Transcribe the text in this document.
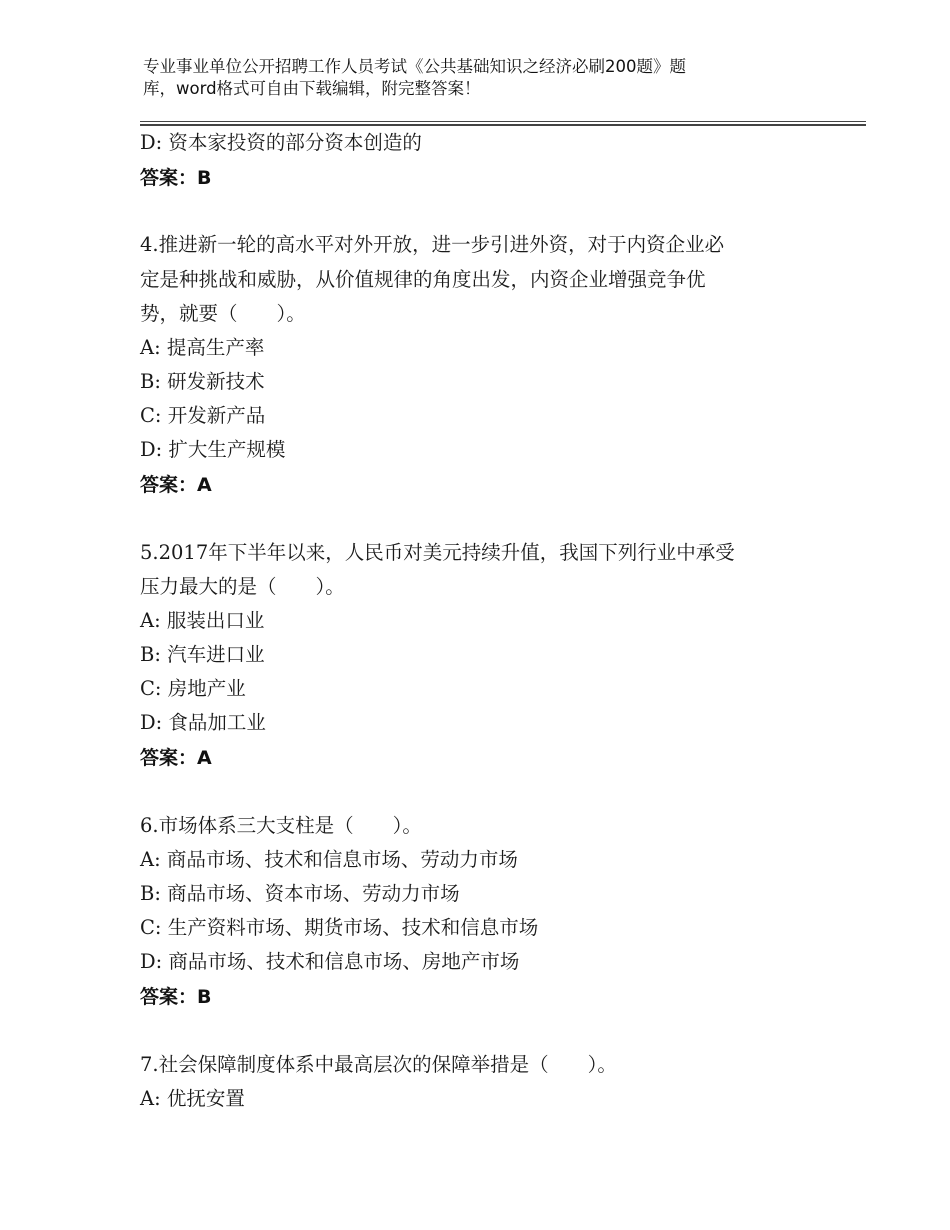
专业事业单位公开招聘工作人员考试《公共基础知识之经济必刷200题》题
库，word格式可自由下载编辑，附完整答案！
D: 资本家投资的部分资本创造的
答案：B
4.推进新一轮的高水平对外开放，进一步引进外资，对于内资企业必
定是种挑战和威胁，从价值规律的角度出发，内资企业增强竞争优
势，就要（　　）。
A: 提高生产率
B: 研发新技术
C: 开发新产品
D: 扩大生产规模
答案：A
5.2017年下半年以来，人民币对美元持续升值，我国下列行业中承受
压力最大的是（　　）。
A: 服装出口业
B: 汽车进口业
C: 房地产业
D: 食品加工业
答案：A
6.市场体系三大支柱是（　　）。
A: 商品市场、技术和信息市场、劳动力市场
B: 商品市场、资本市场、劳动力市场
C: 生产资料市场、期货市场、技术和信息市场
D: 商品市场、技术和信息市场、房地产市场
答案：B
7.社会保障制度体系中最高层次的保障举措是（　　）。
A: 优抚安置
